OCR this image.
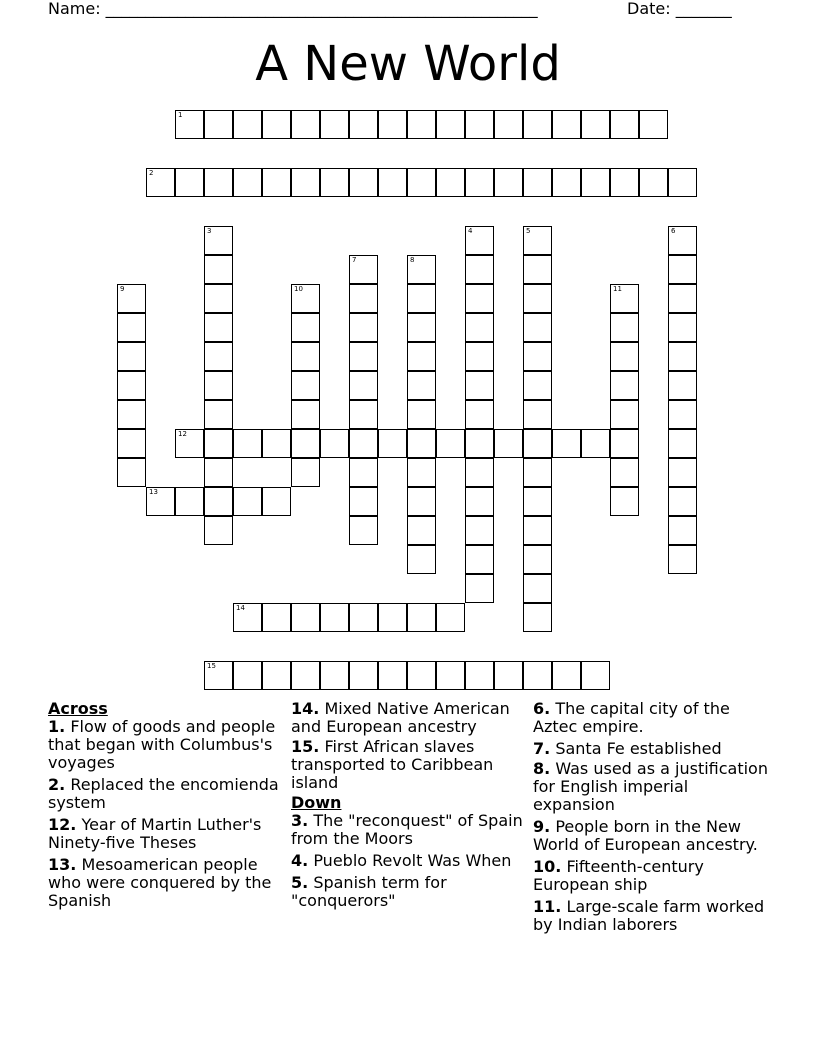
Name: ______________________________________________________	Date: _______
A New World
1
2
3	4	5	6
7	8
9	10	11
12
13
14
15
Across
1. Flow of goods and people that began with Columbus's voyages
2. Replaced the encomienda system
12. Year of Martin Luther's Ninety-five Theses
13. Mesoamerican people who were conquered by the Spanish
14. Mixed Native American and European ancestry
15. First African slaves transported to Caribbean island
Down
3. The "reconquest" of Spain from the Moors
4. Pueblo Revolt Was When
5. Spanish term for "conquerors"
6. The capital city of the Aztec empire.
7. Santa Fe established
8. Was used as a justification for English imperial expansion
9. People born in the New World of European ancestry.
10. Fifteenth-century European ship
11. Large-scale farm worked by Indian laborers
